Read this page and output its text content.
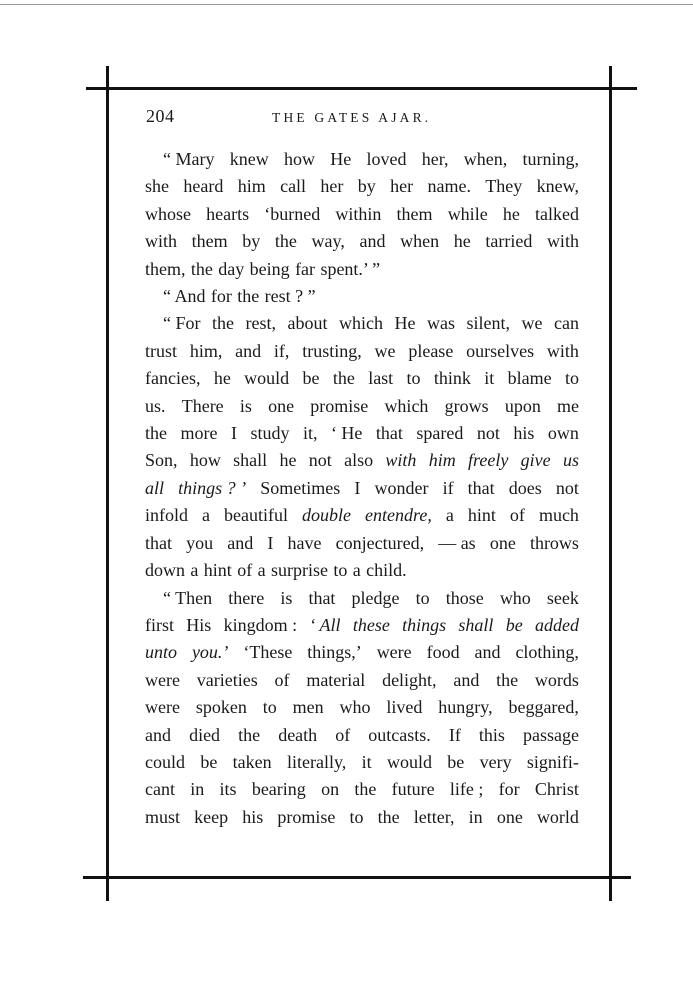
204	THE GATES AJAR.
“ Mary knew how He loved her, when, turning,
she heard him call her by her name. They knew,
whose hearts ‘burned within them while he talked
with them by the way, and when he tarried with
them, the day being far spent.’ ”
“ And for the rest ? ”
“ For the rest, about which He was silent, we can
trust him, and if, trusting, we please ourselves with
fancies, he would be the last to think it blame to
us. There is one promise which grows upon me
the more I study it, ‘ He that spared not his own
Son, how shall he not also with him freely give us
all things ? ’ Sometimes I wonder if that does not
infold a beautiful double entendre, a hint of much
that you and I have conjectured, — as one throws
down a hint of a surprise to a child.
“ Then there is that pledge to those who seek
first His kingdom : ‘ All these things shall be added
unto you.’ ‘These things,’ were food and clothing,
were varieties of material delight, and the words
were spoken to men who lived hungry, beggared,
and died the death of outcasts. If this passage
could be taken literally, it would be very signifi-
cant in its bearing on the future life ; for Christ
must keep his promise to the letter, in one world
